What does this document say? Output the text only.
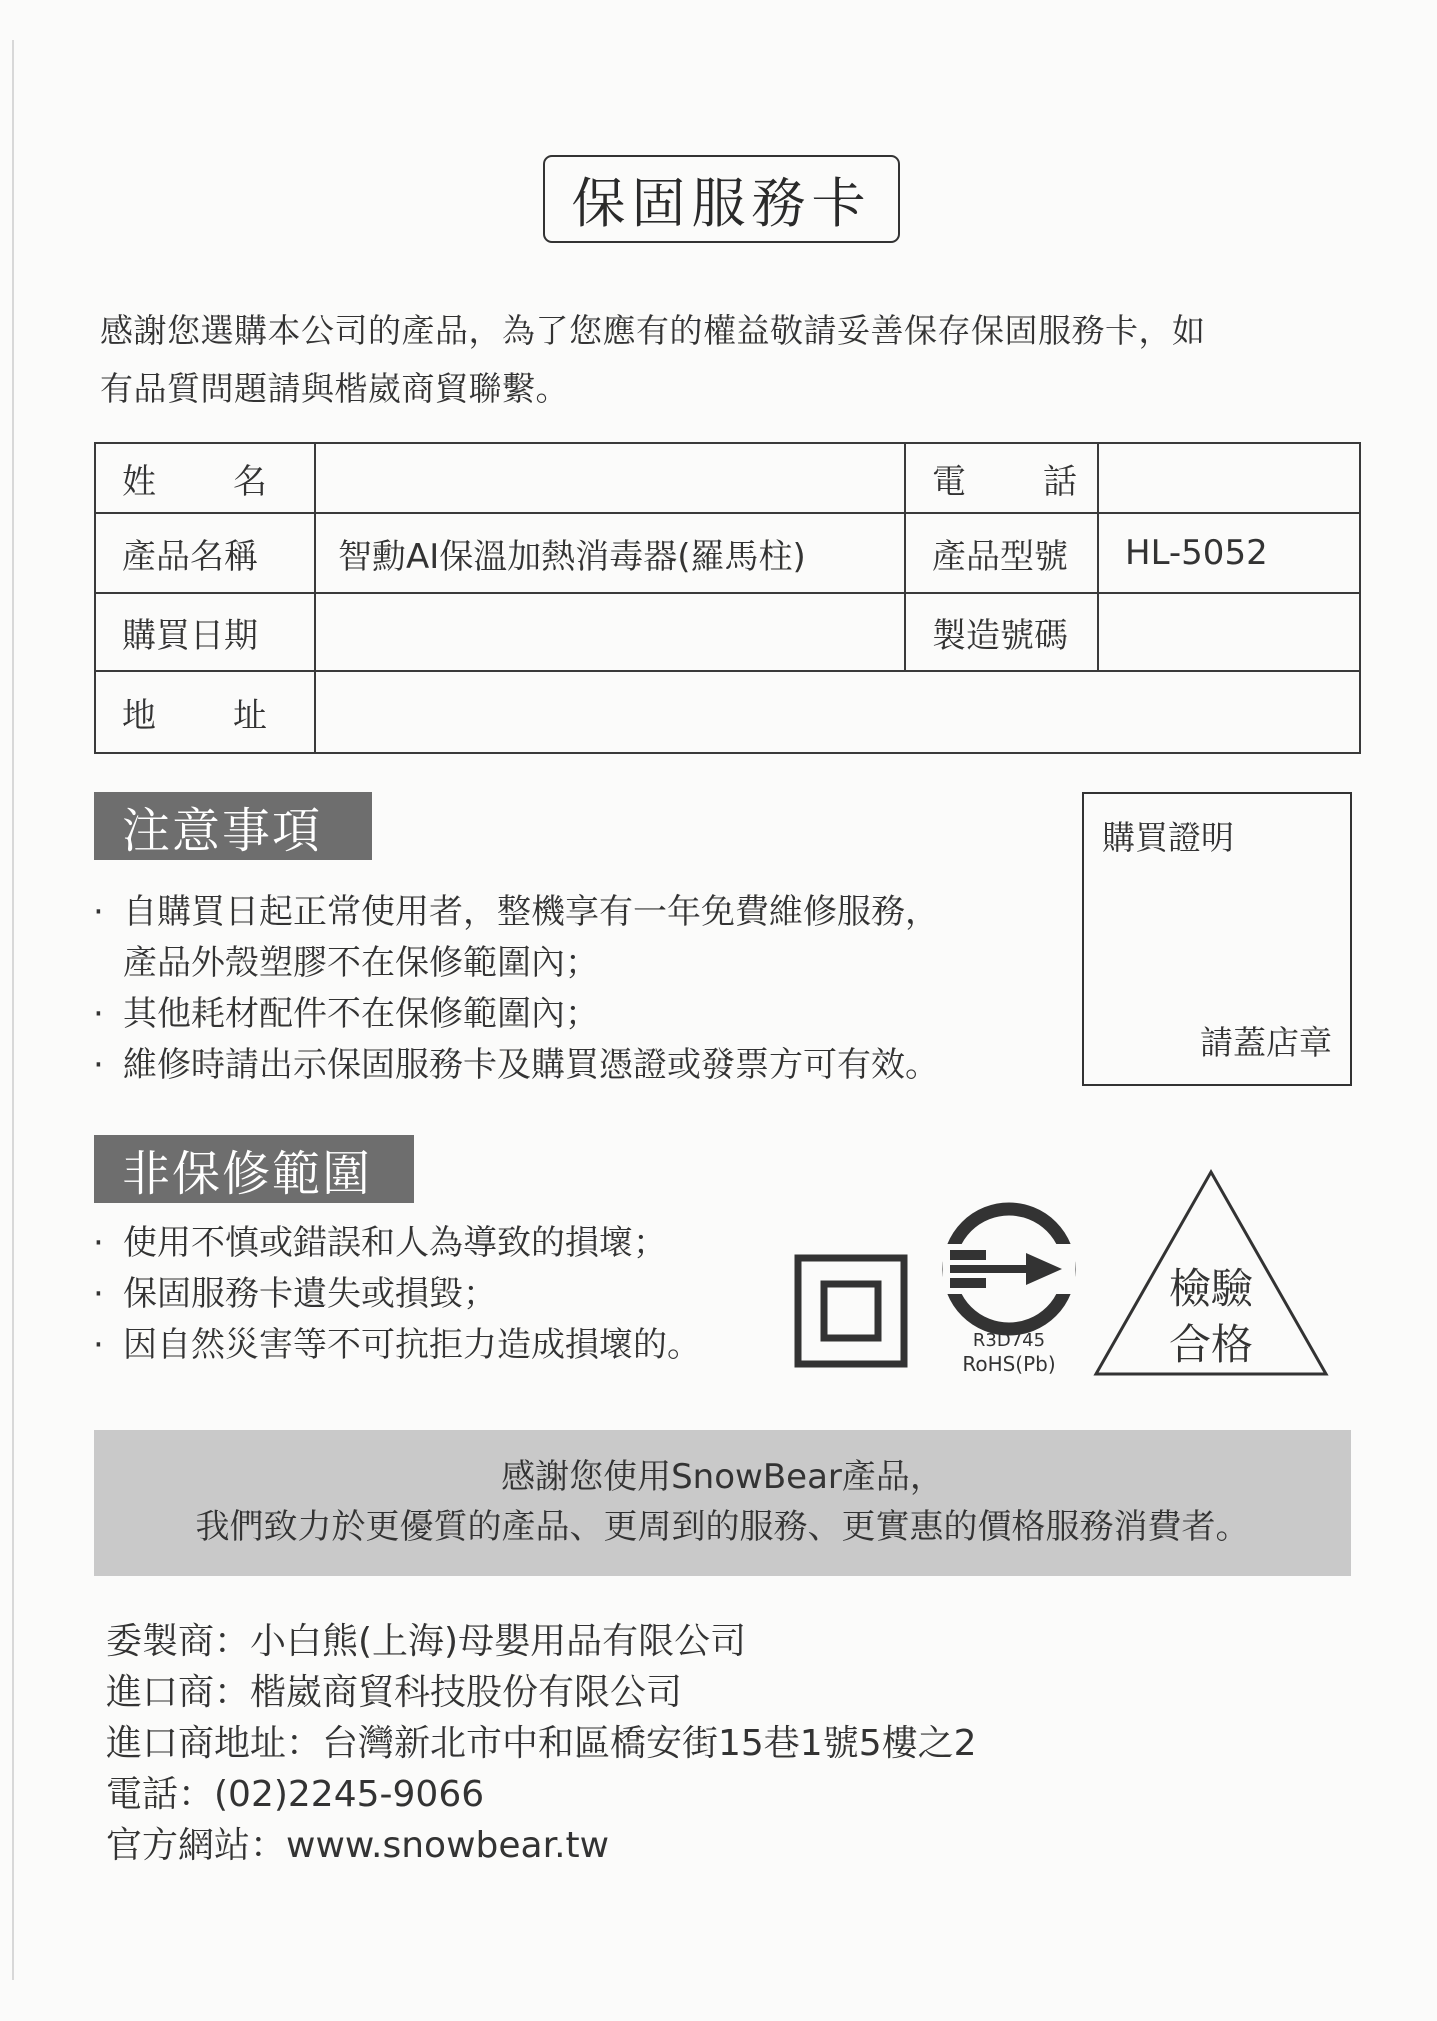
保固服務卡
感謝您選購本公司的產品，為了您應有的權益敬請妥善保存保固服務卡，如
有品質問題請與楷崴商貿聯繫。
姓 名		電 話	

產品名稱	智勳AI保溫加熱消毒器(羅馬柱)	產品型號	HL-5052
購買日期		製造號碼	

地 址			

注意事項
· 自購買日起正常使用者，整機享有一年免費維修服務，
產品外殼塑膠不在保修範圍內；
· 其他耗材配件不在保修範圍內；
· 維修時請出示保固服務卡及購買憑證或發票方可有效。
購買證明
請蓋店章
非保修範圍
· 使用不慎或錯誤和人為導致的損壞；
· 保固服務卡遺失或損毀；
· 因自然災害等不可抗拒力造成損壞的。	R3D745
RoHS(Pb)
檢驗
合格
感謝您使用SnowBear產品，
我們致力於更優質的產品、更周到的服務、更實惠的價格服務消費者。
委製商：小白熊(上海)母嬰用品有限公司
進口商：楷崴商貿科技股份有限公司
進口商地址：台灣新北市中和區橋安街15巷1號5樓之2
電話：(02)2245-9066
官方網站：www.snowbear.tw
